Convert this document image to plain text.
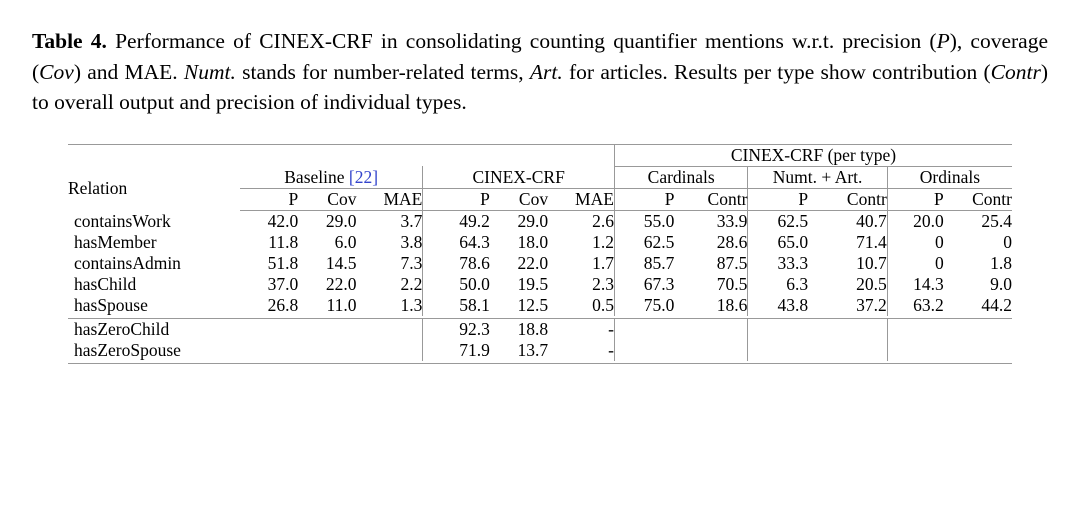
Table 4. Performance of CINEX-CRF in consolidating counting quantifier mentions w.r.t. precision (P), coverage (Cov) and MAE. Numt. stands for number-related terms, Art. for articles. Results per type show contribution (Contr) to overall output and precision of individual types.
							CINEX-CRF (per type)					
Relation	Baseline [22]			CINEX-CRF			Cardinals		Numt. + Art.		Ordinals	
	P	Cov	MAE	P	Cov	MAE	P	Contr	P	Contr	P	Contr
containsWork	42.0	29.0	3.7	49.2	29.0	2.6	55.0	33.9	62.5	40.7	20.0	25.4
hasMember	11.8	6.0	3.8	64.3	18.0	1.2	62.5	28.6	65.0	71.4	0	0
containsAdmin	51.8	14.5	7.3	78.6	22.0	1.7	85.7	87.5	33.3	10.7	0	1.8
hasChild	37.0	22.0	2.2	50.0	19.5	2.3	67.3	70.5	6.3	20.5	14.3	9.0
hasSpouse	26.8	11.0	1.3	58.1	12.5	0.5	75.0	18.6	43.8	37.2	63.2	44.2

hasZeroChild				92.3	18.8	-						
hasZeroSpouse				71.9	13.7	-						
